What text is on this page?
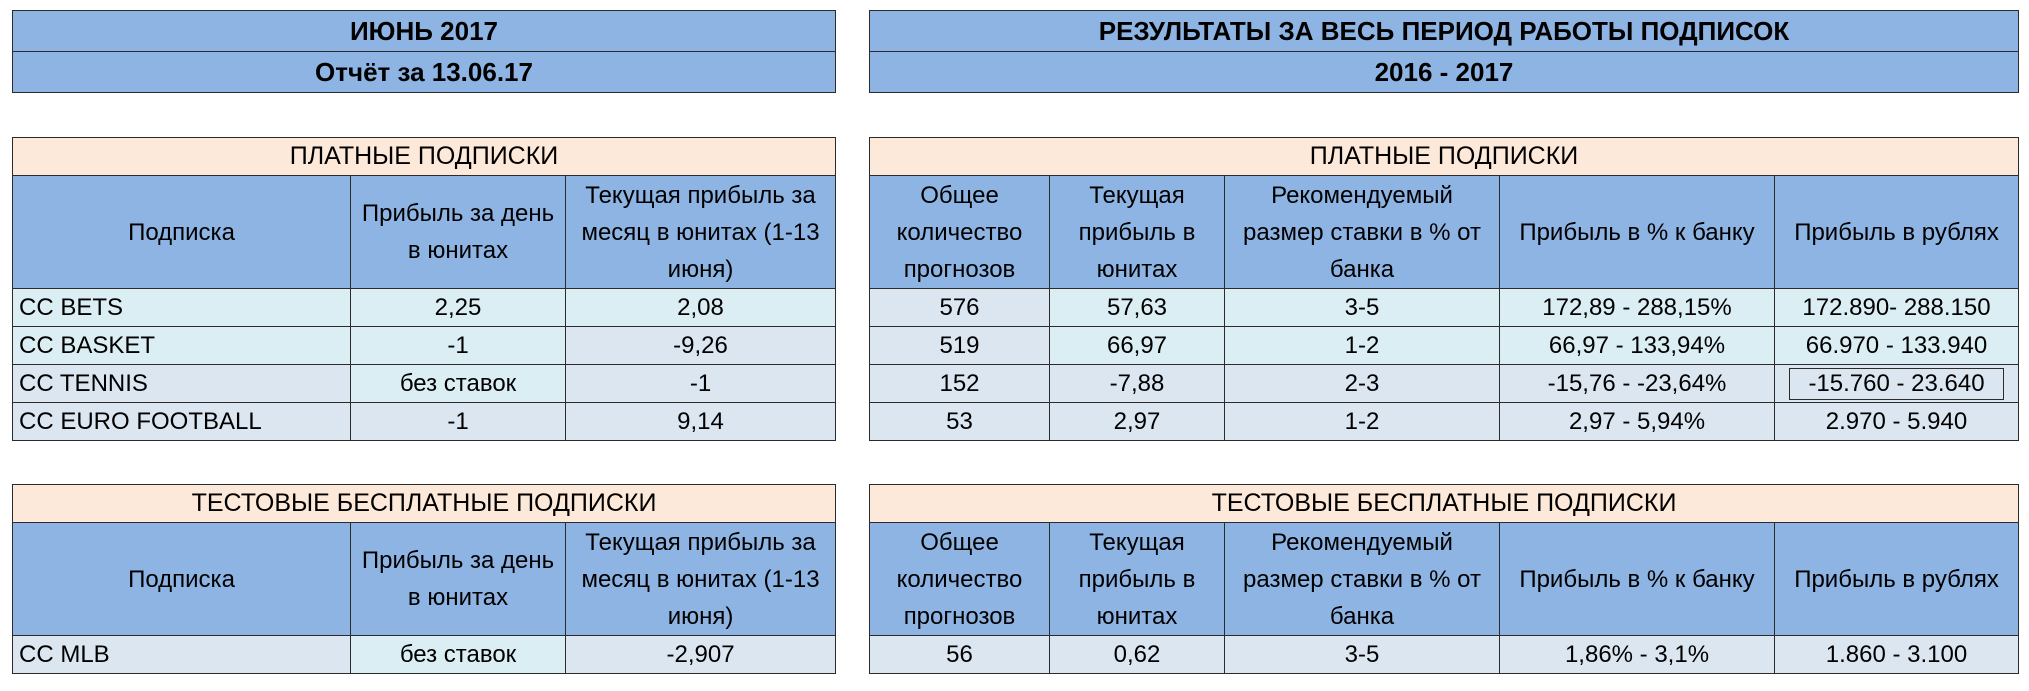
ИЮНЬ 2017
Отчёт за 13.06.17
РЕЗУЛЬТАТЫ ЗА ВЕСЬ ПЕРИОД РАБОТЫ ПОДПИСОК
2016 - 2017
ПЛАТНЫЕ ПОДПИСКИ		
Подписка	Прибыль за день в юнитах	Текущая прибыль за месяц в юнитах (1-13 июня)
CC BETS	2,25	2,08
CC BASKET	-1	-9,26
CC TENNIS	без ставок	-1
CC EURO FOOTBALL	-1	9,14
ПЛАТНЫЕ ПОДПИСКИ				
Общее количество прогнозов	Текущая прибыль в юнитах	Рекомендуемый размер ставки в % от банка	Прибыль в % к банку	Прибыль в рублях
576	57,63	3-5	172,89 - 288,15%	172.890- 288.150
519	66,97	1-2	66,97 - 133,94%	66.970 - 133.940
152	-7,88	2-3	-15,76 - -23,64%	-15.760 - 23.640
53	2,97	1-2	2,97 - 5,94%	2.970 - 5.940
ТЕСТОВЫЕ БЕСПЛАТНЫЕ ПОДПИСКИ		
Подписка	Прибыль за день в юнитах	Текущая прибыль за месяц в юнитах (1-13 июня)
CC MLB	без ставок	-2,907
ТЕСТОВЫЕ БЕСПЛАТНЫЕ ПОДПИСКИ				
Общее количество прогнозов	Текущая прибыль в юнитах	Рекомендуемый размер ставки в % от банка	Прибыль в % к банку	Прибыль в рублях
56	0,62	3-5	1,86% - 3,1%	1.860 - 3.100
